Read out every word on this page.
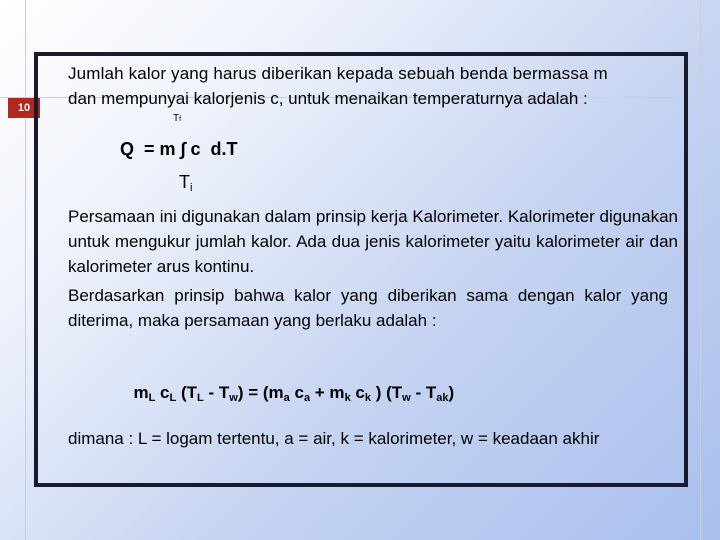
10
Jumlah kalor yang harus diberikan kepada sebuah benda bermassa m
dan mempunyai kalorjenis c, untuk menaikan temperaturnya adalah :
Tf
Q  = m ∫ c  d.T
$T_i$
Persamaan ini digunakan dalam prinsip kerja Kalorimeter. Kalorimeter digunakan untuk mengukur jumlah kalor. Ada dua jenis kalorimeter yaitu kalorimeter air dan kalorimeter arus kontinu.
Berdasarkan prinsip bahwa kalor yang diberikan sama dengan kalor yang diterima, maka persamaan yang berlaku adalah :

$m_L$ $c_L$ $(T_L - T_w) = (m_a$ $c_a + m_k$ $c_k$ ) $(T_w - T_{ak})$

dimana : L = logam tertentu, a = air, k = kalorimeter, w = keadaan akhir
